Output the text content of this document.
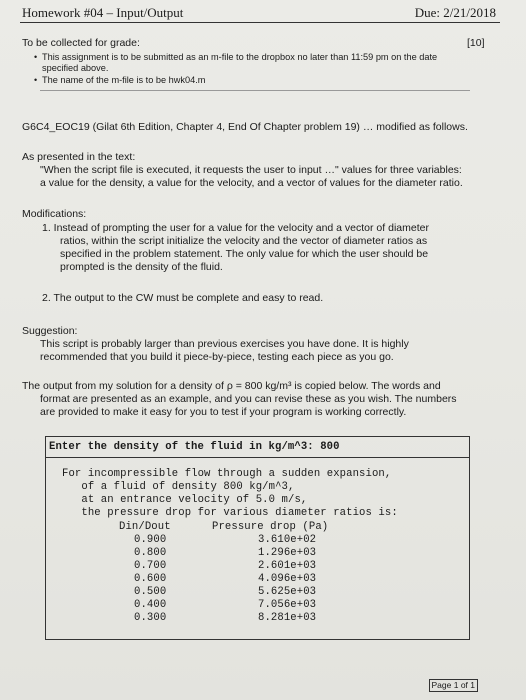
Homework #04 – Input/Output	Due: 2/21/2018
To be collected for grade:	[10]
• This assignment is to be submitted as an m-file to the dropbox no later than 11:59 pm on the date
specified above.
• The name of the m-file is to be hwk04.m
G6C4_EOC19 (Gilat 6th Edition, Chapter 4, End Of Chapter problem 19) … modified as follows.
As presented in the text:
"When the script file is executed, it requests the user to input …" values for three variables:
a value for the density, a value for the velocity, and a vector of values for the diameter ratio.
Modifications:
1. Instead of prompting the user for a value for the velocity and a vector of diameter
ratios, within the script initialize the velocity and the vector of diameter ratios as
specified in the problem statement. The only value for which the user should be
prompted is the density of the fluid.
2. The output to the CW must be complete and easy to read.
Suggestion:
This script is probably larger than previous exercises you have done. It is highly
recommended that you build it piece-by-piece, testing each piece as you go.
The output from my solution for a density of ρ = 800 kg/m³ is copied below. The words and
format are presented as an example, and you can revise these as you wish. The numbers
are provided to make it easy for you to test if your program is working correctly.
Enter the density of the fluid in kg/m^3: 800
For incompressible flow through a sudden expansion,
of a fluid of density 800 kg/m^3,
at an entrance velocity of 5.0 m/s,
the pressure drop for various diameter ratios is:
Din/Dout	Pressure drop (Pa)
0.900	3.610e+02
0.800	1.296e+03
0.700	2.601e+03
0.600	4.096e+03
0.500	5.625e+03
0.400	7.056e+03
0.300	8.281e+03
Page 1 of 1
